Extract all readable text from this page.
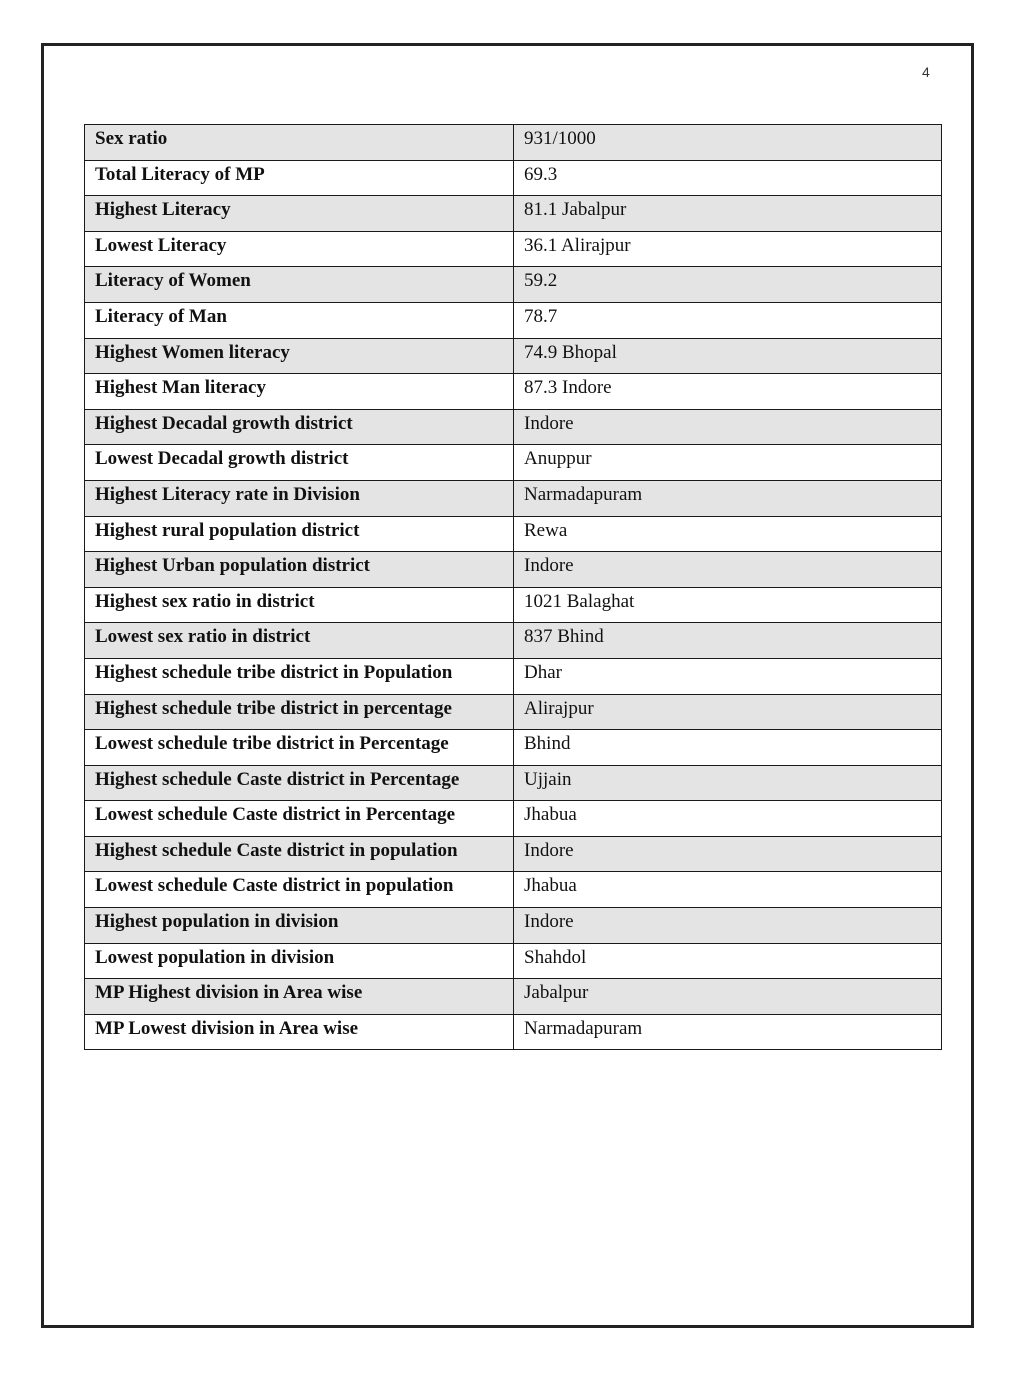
4
Sex ratio	931/1000
Total Literacy of MP	69.3
Highest Literacy	81.1 Jabalpur
Lowest Literacy	36.1 Alirajpur
Literacy of Women	59.2
Literacy of Man	78.7
Highest Women literacy	74.9 Bhopal
Highest Man literacy	87.3 Indore
Highest Decadal growth district	Indore
Lowest Decadal growth district	Anuppur
Highest Literacy rate in Division	Narmadapuram
Highest rural population district	Rewa
Highest Urban population district	Indore
Highest sex ratio in district	1021 Balaghat
Lowest sex ratio in district	837 Bhind
Highest schedule tribe district in Population	Dhar
Highest schedule tribe district in percentage	Alirajpur
Lowest schedule tribe district in Percentage	Bhind
Highest schedule Caste district in Percentage	Ujjain
Lowest schedule Caste district in Percentage	Jhabua
Highest schedule Caste district in population	Indore
Lowest schedule Caste district in population	Jhabua
Highest population in division	Indore
Lowest population in division	Shahdol
MP Highest division in Area wise	Jabalpur
MP Lowest division in Area wise	Narmadapuram
